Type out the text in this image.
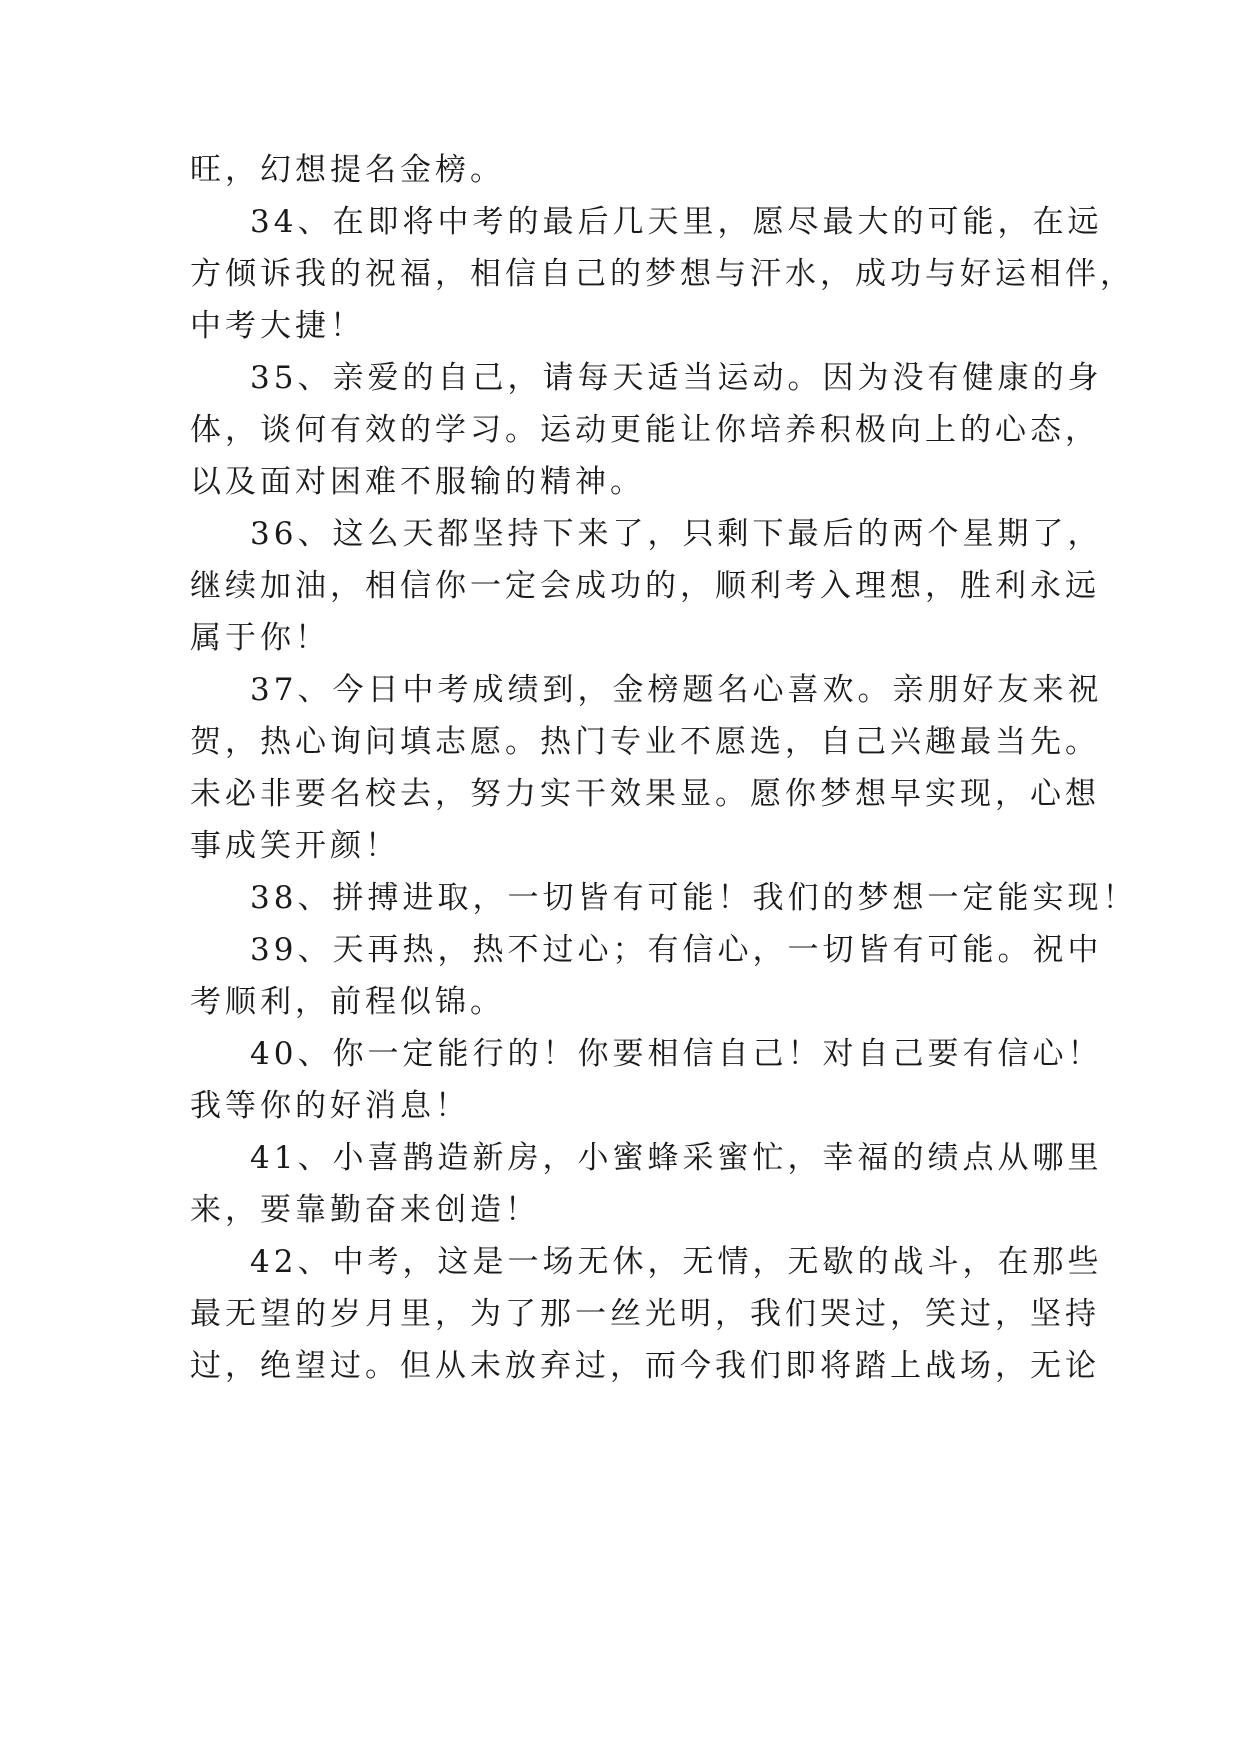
旺，幻想提名金榜。
34、在即将中考的最后几天里，愿尽最大的可能，在远
方倾诉我的祝福，相信自己的梦想与汗水，成功与好运相伴，
中考大捷！
35、亲爱的自己，请每天适当运动。因为没有健康的身
体，谈何有效的学习。运动更能让你培养积极向上的心态，
以及面对困难不服输的精神。
36、这么天都坚持下来了，只剩下最后的两个星期了，
继续加油，相信你一定会成功的，顺利考入理想，胜利永远
属于你！
37、今日中考成绩到，金榜题名心喜欢。亲朋好友来祝
贺，热心询问填志愿。热门专业不愿选，自己兴趣最当先。
未必非要名校去，努力实干效果显。愿你梦想早实现，心想
事成笑开颜！
38、拼搏进取，一切皆有可能！我们的梦想一定能实现！
39、天再热，热不过心；有信心，一切皆有可能。祝中
考顺利，前程似锦。
40、你一定能行的！你要相信自己！对自己要有信心！
我等你的好消息！
41、小喜鹊造新房，小蜜蜂采蜜忙，幸福的绩点从哪里
来，要靠勤奋来创造！
42、中考，这是一场无休，无情，无歇的战斗，在那些
最无望的岁月里，为了那一丝光明，我们哭过，笑过，坚持
过，绝望过。但从未放弃过，而今我们即将踏上战场，无论
